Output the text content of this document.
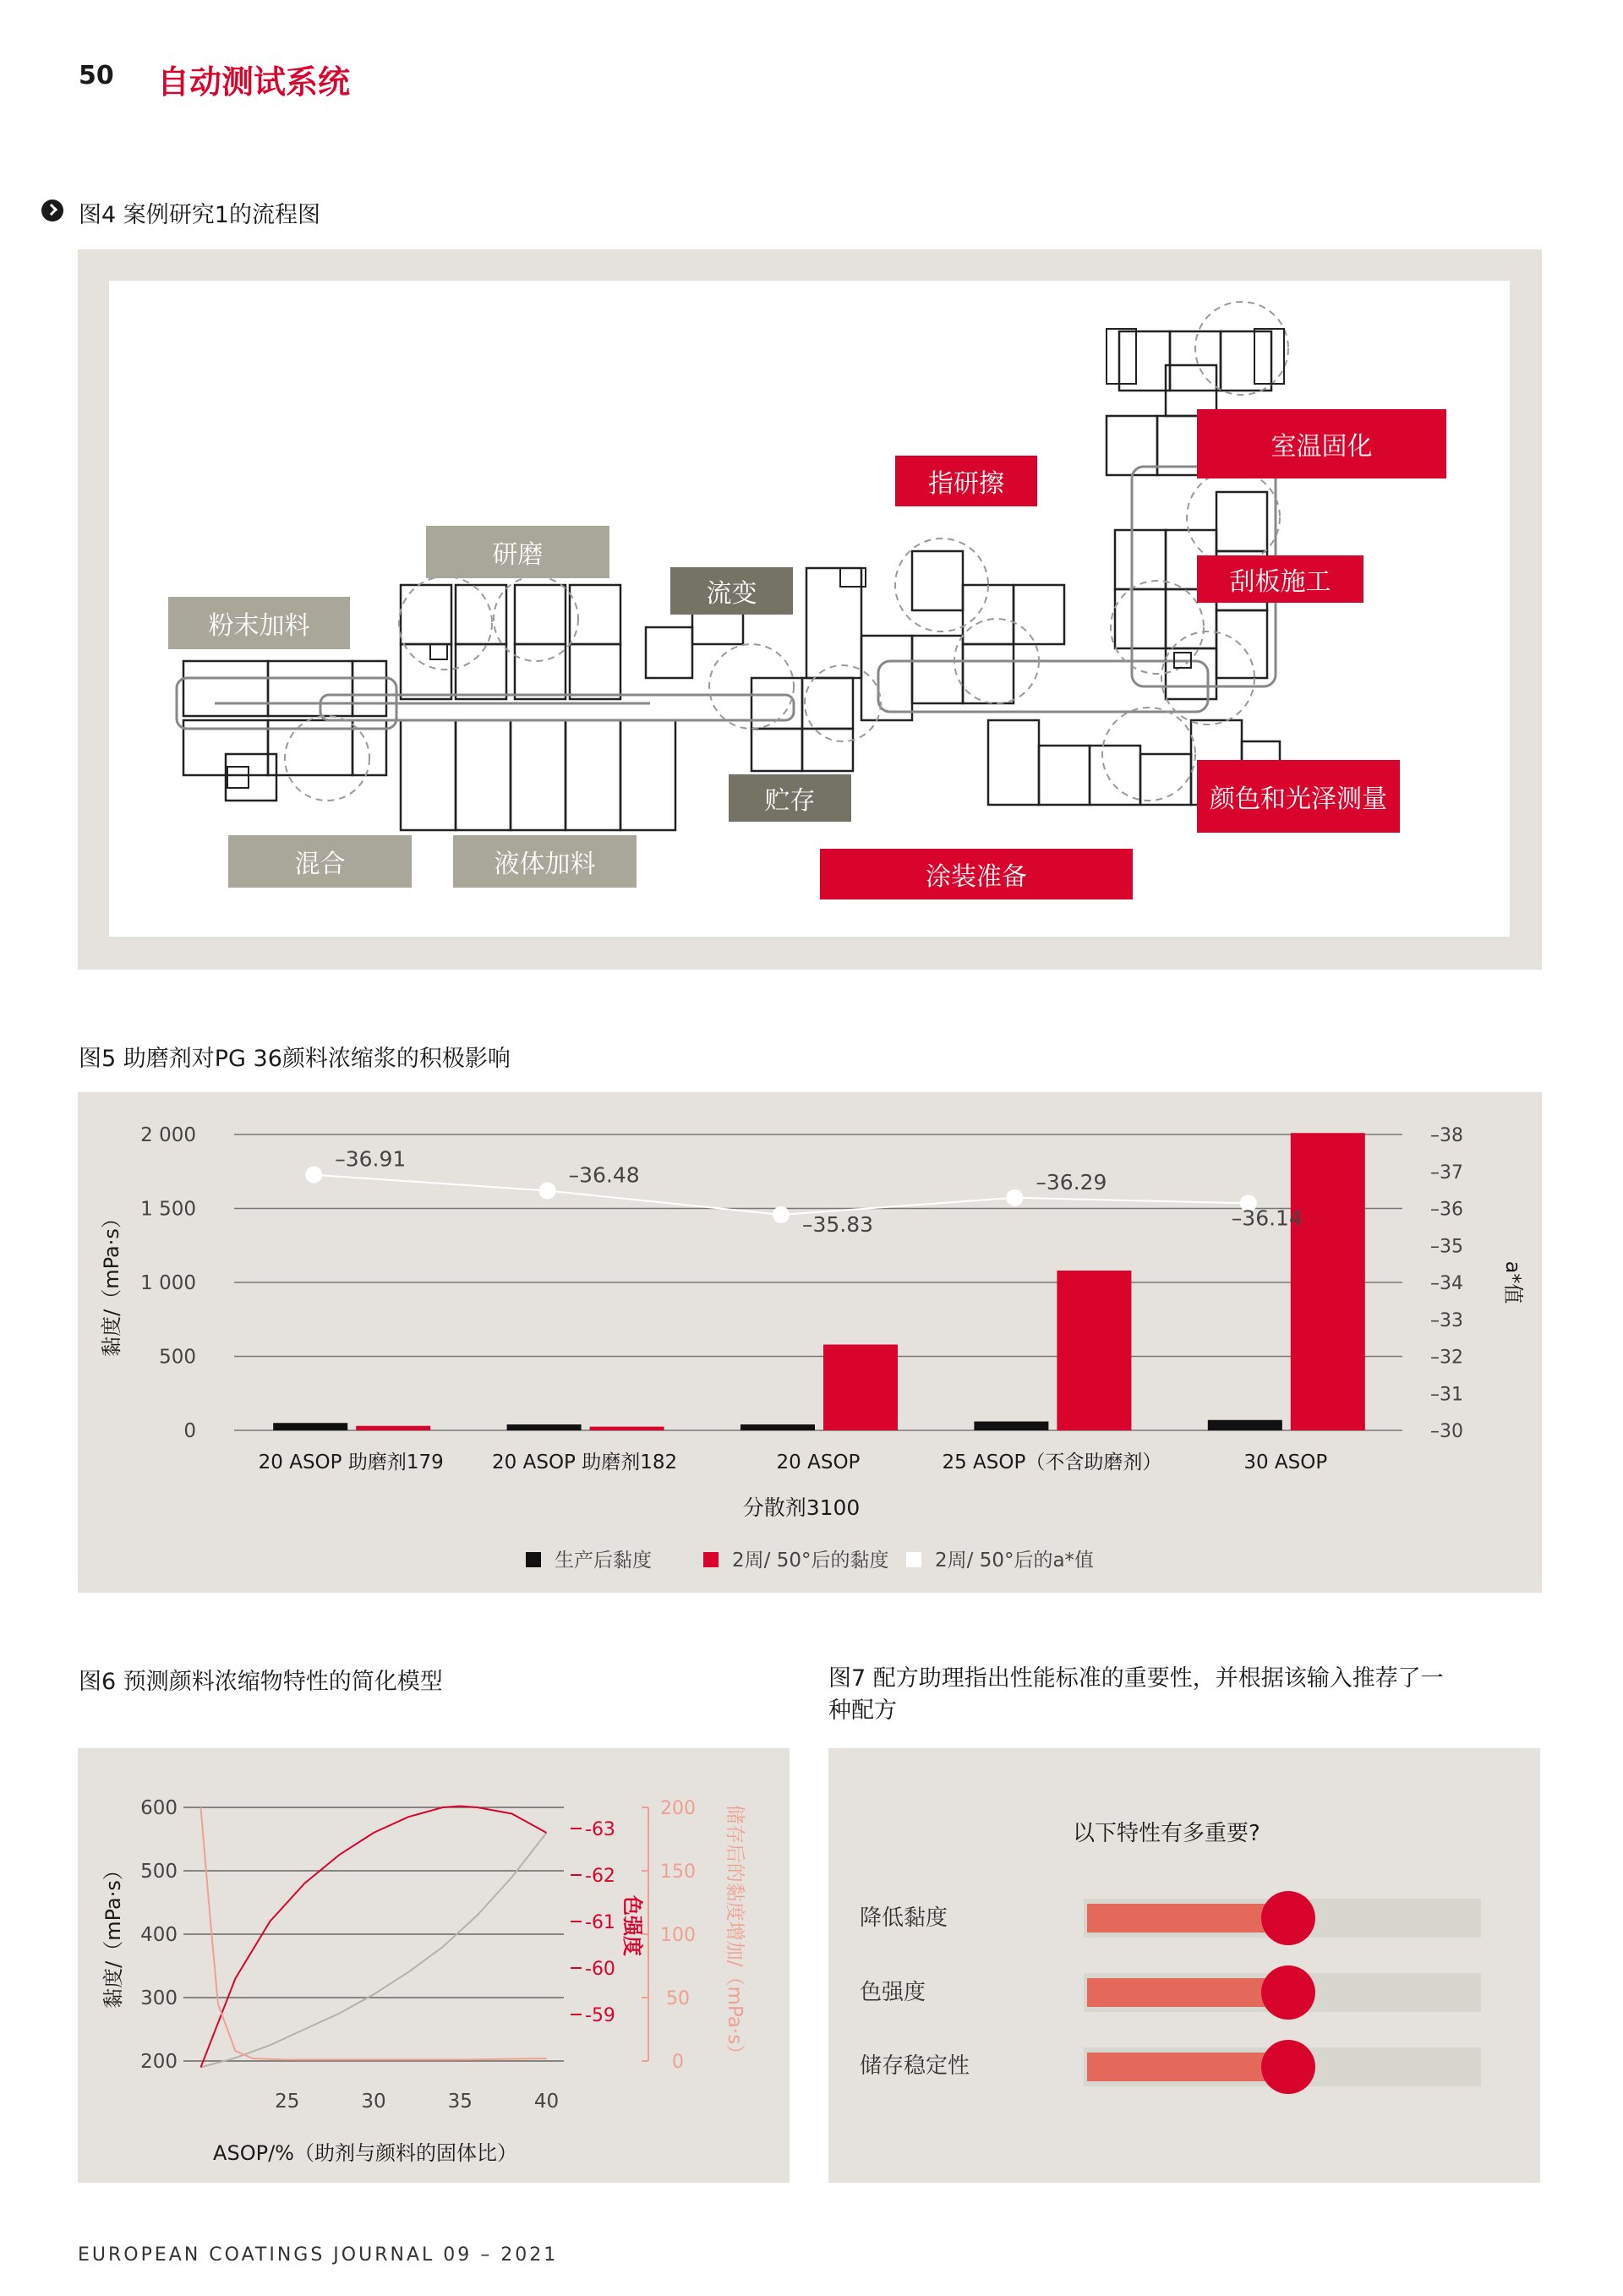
50 自动测试系统
图4 案例研究1的流程图
粉末加料
研磨
流变
贮存
混合	液体加料
指研擦
室温固化
刮板施工
颜色和光泽测量
涂装准备
图5 助磨剂对PG 36颜料浓缩浆的积极影响
0
500
1 000
1 500
2 000
–30
–31
–32
–33
–34
–35
–36
–37
–38
黏度/（mPa·s）	a*值
20 ASOP 助磨剂179 20 ASOP 助磨剂182	20 ASOP	25 ASOP（不含助磨剂）	30 ASOP
–36.91
–36.48
–35.83
–36.29
–36.14
分散剂3100
生产后黏度	2周/ 50°后的黏度 2周/ 50°后的a*值
图6 预测颜料浓缩物特性的简化模型
200
300
400
500
600
黏度/（mPa·s）
-59
-60
-61
-62
-63
色强度
0
50
100
150
200 储存后的黏度增加/（mPa·s）
25	30	35	40
ASOP/%（助剂与颜料的固体比）
图7 配方助理指出性能标准的重要性，并根据该输入推荐了一
种配方
以下特性有多重要?
降低黏度
色强度
储存稳定性
EUROPEAN COATINGS JOURNAL 09 – 2021
